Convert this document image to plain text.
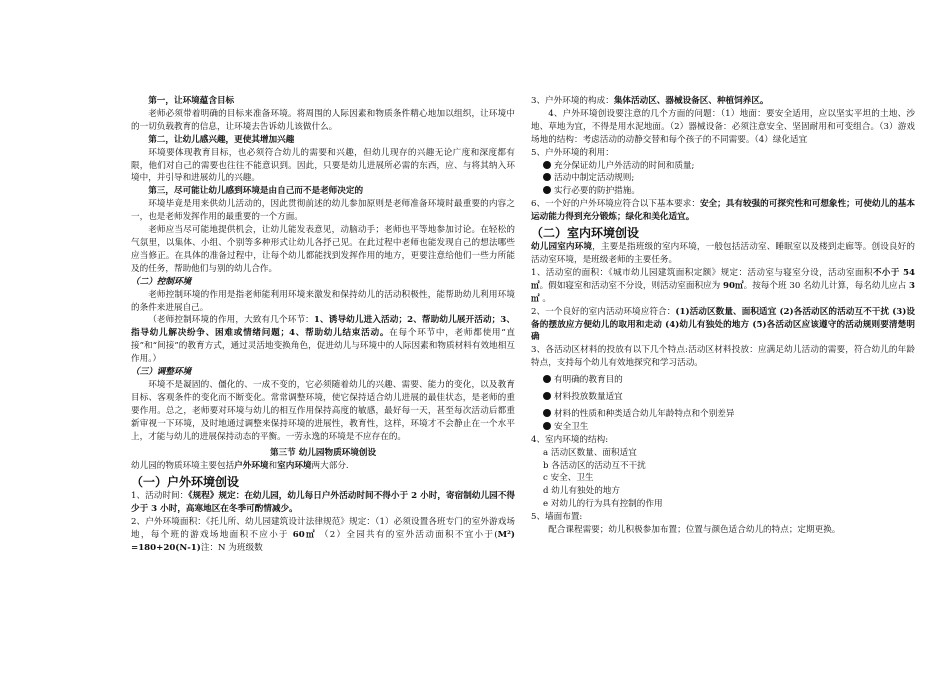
第一，让环境蕴含目标

老师必须带着明确的目标来准备环境。将周围的人际因素和物质条件精心地加以组织，让环境中的一切负载教育的信息，让环境去告诉幼儿该做什么。

第二，让幼儿感兴趣，更使其增加兴趣

环境要体现教育目标，也必须符合幼儿的需要和兴趣，但幼儿现存的兴趣无论广度和深度都有限，他们对自己的需要也往往不能意识到。因此，只要是幼儿进展所必需的东西，应、与将其纳入环境中，并引导和进展幼儿的兴趣。

第三，尽可能让幼儿感到环境是由自己而不是老师决定的

环境毕竟是用来供幼儿活动的，因此贯彻前述的幼儿参加原则是老师准备环境时最重要的内容之一，也是老师发挥作用的最重要的一个方面。

老师应当尽可能地提供机会，让幼儿能发表意见，动脑动手；老师也平等地参加讨论。在轻松的气氛里，以集体、小组、个别等多种形式让幼儿各抒己见。在此过程中老师也能发现自己的想法哪些应当修正。在具体的准备过程中，让每个幼儿都能找到发挥作用的地方，更要注意给他们一些力所能及的任务，帮助他们与别的幼儿合作。

（二）控制环境

老师控制环境的作用是指老师能利用环境来激发和保持幼儿的活动积极性，能帮助幼儿利用环境的条件来进展自己。

（老师控制环境的作用，大致有几个环节：1、诱导幼儿进入活动；2、帮助幼儿展开活动；3、指导幼儿解决纷争、困难或情绪问题；4、帮助幼儿结束活动。在每个环节中，老师都使用“直接”和“间接”的教育方式，通过灵活地变换角色，促进幼儿与环境中的人际因素和物质材料有效地相互作用。）

（三）调整环境

环境不是凝固的、僵化的、一成不变的，它必须随着幼儿的兴趣、需要、能力的变化，以及教育目标、客观条件的变化而不断变化。常常调整环境，使它保持适合幼儿进展的最佳状态，是老师的重要作用。总之，老师要对环境与幼儿的相互作用保持高度的敏感，最好每一天，甚至每次活动后都重新审视一下环境，及时地通过调整来保持环境的进展性，教育性，这样，环境才不会静止在一个水平上，才能与幼儿的进展保持动态的平衡。一劳永逸的环境是不应存在的。

第三节 幼儿园物质环境创设

幼儿园的物质环境主要包括户外环境和室内环境两大部分.

（一）户外环境创设

1、活动时间：《规程》规定：在幼儿园，幼儿每日户外活动时间不得小于 2 小时，寄宿制幼儿园不得少于 3 小时，高寒地区在冬季可酌情减少。

2、户外环境面积：《托儿所、幼儿园建筑设计法律规范》规定：（1）必须设置各班专门的室外游戏场地，每个班的游戏场地面积不应小于 60㎡ （2）全园共有的室外活动面积不宜小于(M²) =180+20(N-1)注：N 为班级数

3、户外环境的构成：集体活动区、器械设备区、种植饲养区。

4、户外环境创设要注意的几个方面的问题：（1）地面：要安全适用，应以坚实平坦的土地、沙地、草地为宜，不得是用水泥地面。（2）器械设备：必须注意安全、坚固耐用和可变组合。（3）游戏场地的结构：考虑活动的动静交替和每个孩子的不同需要。（4）绿化适宜

5、户外环境的利用：

充分保证幼儿户外活动的时间和质量;

活动中制定活动规则;

实行必要的防护措施。

6、一个好的户外环境应符合以下基本要求：安全；具有较强的可探究性和可想象性；可使幼儿的基本运动能力得到充分锻炼；绿化和美化适宜。

（二）室内环境创设

幼儿园室内环境，主要是指班级的室内环境，一般包括活动室、睡眠室以及楼到走廊等。创设良好的活动室环境，是班级老师的主要任务。

1、活动室的面积：《城市幼儿园建筑面积定额》规定：活动室与寝室分设，活动室面积不小于 54㎡。假如寝室和活动室不分设，则活动室面积应为 90㎡。按每个班 30 名幼儿计算，每名幼儿应占 3㎡ 。

2、一个良好的室内活动环境应符合：(1)活动区数量、面积适宜 (2)各活动区的活动互不干扰 (3)设备的摆放应方便幼儿的取用和走动 (4)幼儿有独处的地方 (5)各活动区应该遵守的活动规则要清楚明确

3、各活动区材料的投放有以下几个特点:活动区材料投放：应满足幼儿活动的需要，符合幼儿的年龄特点，支持每个幼儿有效地探究和学习活动。

有明确的教育目的

材料投放数量适宜

材料的性质和种类适合幼儿年龄特点和个别差异

安全卫生

4、室内环境的结构:

a 活动区数量、面积适宜

b 各活动区的活动互不干扰

c 安全、卫生

d 幼儿有独处的地方

e 对幼儿的行为具有控制的作用

5、墙面布置:

配合课程需要；幼儿积极参加布置；位置与颜色适合幼儿的特点；定期更换。
